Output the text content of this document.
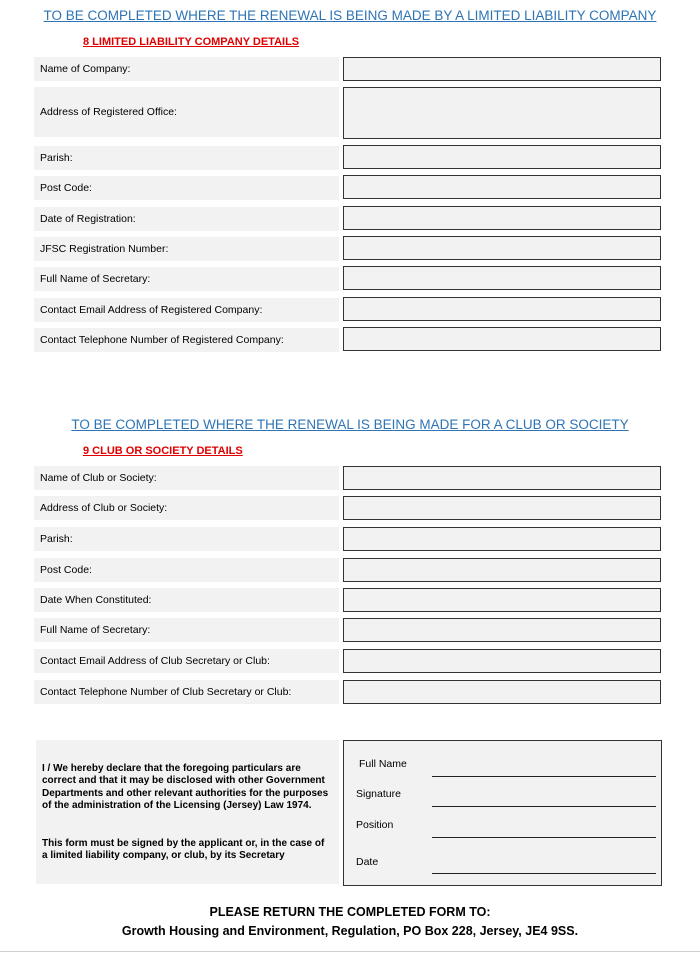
TO BE COMPLETED WHERE THE RENEWAL IS BEING MADE BY A LIMITED LIABILITY COMPANY
8 LIMITED LIABILITY COMPANY DETAILS
Name of Company:
Address of Registered Office:
Parish:
Post Code:
Date of Registration:
JFSC Registration Number:
Full Name of Secretary:
Contact Email Address of Registered Company:
Contact Telephone Number of Registered Company:
TO BE COMPLETED WHERE THE RENEWAL IS BEING MADE FOR A CLUB OR SOCIETY
9 CLUB OR SOCIETY DETAILS
Name of Club or Society:
Address of Club or Society:
Parish:
Post Code:
Date When Constituted:
Full Name of Secretary:
Contact Email Address of Club Secretary or Club:
Contact Telephone Number of Club Secretary or Club:
I / We hereby declare that the foregoing particulars are correct and that it may be disclosed with other Government Departments and other relevant authorities for the purposes of the administration of the Licensing (Jersey) Law 1974.
This form must be signed by the applicant or, in the case of a limited liability company, or club, by its Secretary
Full Name
Signature
Position
Date
PLEASE RETURN THE COMPLETED FORM TO:
Growth Housing and Environment, Regulation, PO Box 228, Jersey, JE4 9SS.
